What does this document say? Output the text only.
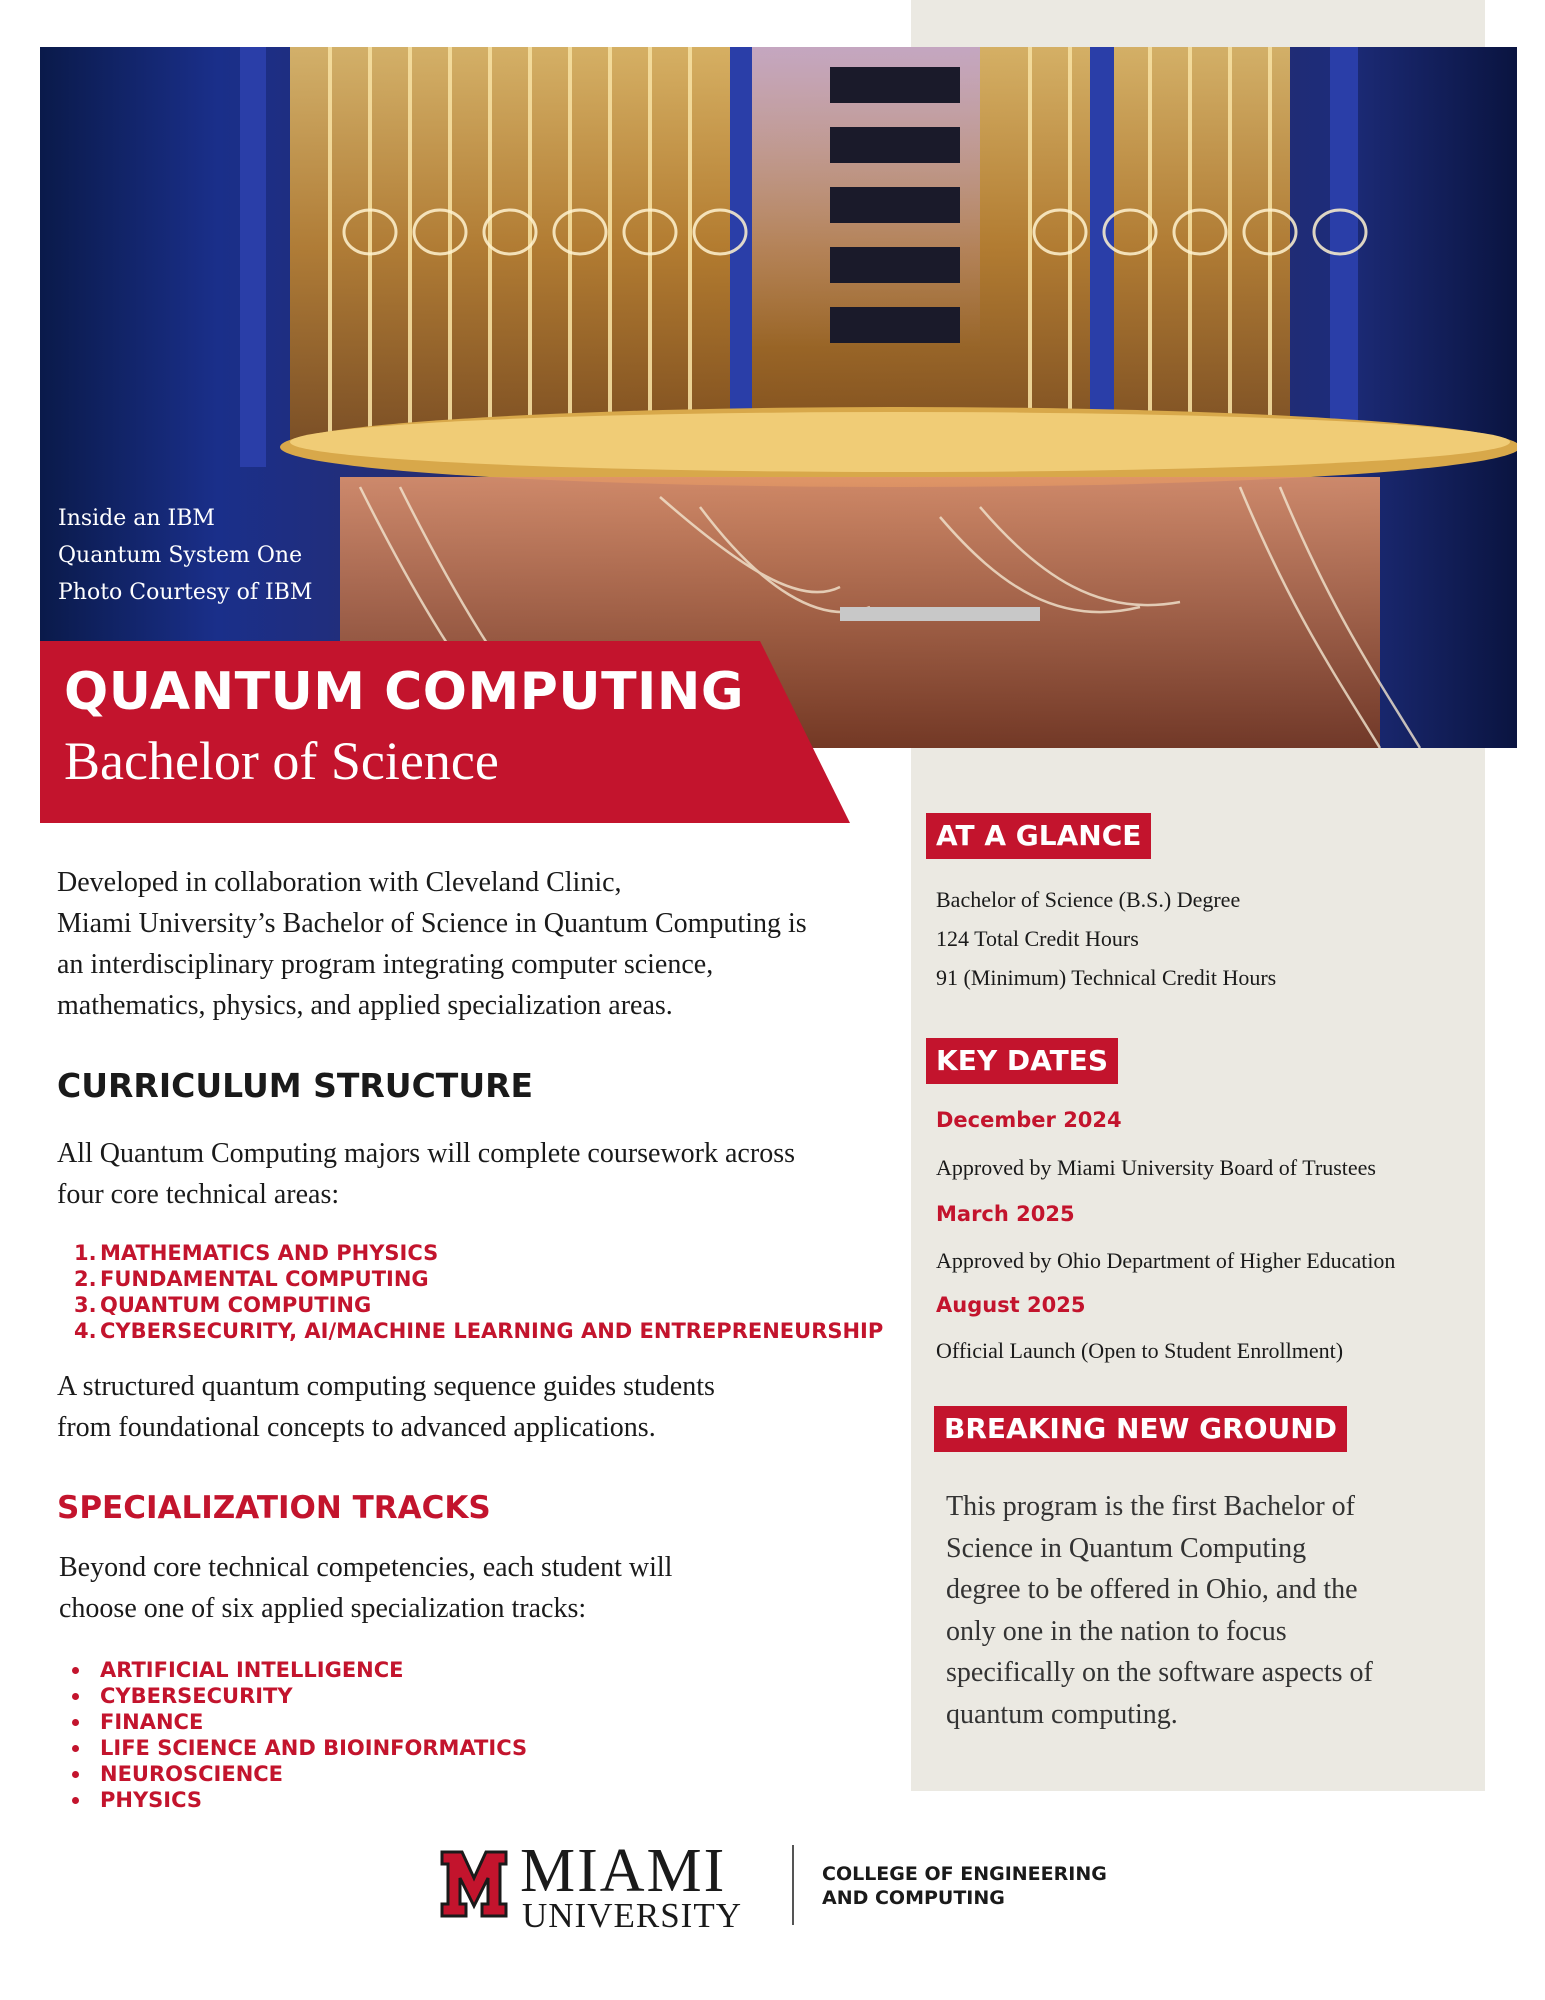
Inside an IBM
Quantum System One
Photo Courtesy of IBM
QUANTUM COMPUTING
Bachelor of Science
Developed in collaboration with Cleveland Clinic,
Miami University’s Bachelor of Science in Quantum Computing is
an interdisciplinary program integrating computer science,
mathematics, physics, and applied specialization areas.
CURRICULUM STRUCTURE
All Quantum Computing majors will complete coursework across
four core technical areas:
1. MATHEMATICS AND PHYSICS
2. FUNDAMENTAL COMPUTING
3. QUANTUM COMPUTING
4. CYBERSECURITY, AI/MACHINE LEARNING AND ENTREPRENEURSHIP
A structured quantum computing sequence guides students
from foundational concepts to advanced applications.
SPECIALIZATION TRACKS
Beyond core technical competencies, each student will
choose one of six applied specialization tracks:
ARTIFICIAL INTELLIGENCE
CYBERSECURITY
FINANCE
LIFE SCIENCE AND BIOINFORMATICS
NEUROSCIENCE
PHYSICS
AT A GLANCE
Bachelor of Science (B.S.) Degree
124 Total Credit Hours
91 (Minimum) Technical Credit Hours
KEY DATES
December 2024
Approved by Miami University Board of Trustees
March 2025
Approved by Ohio Department of Higher Education
August 2025
Official Launch (Open to Student Enrollment)
BREAKING NEW GROUND
This program is the first Bachelor of
Science in Quantum Computing
degree to be offered in Ohio, and the
only one in the nation to focus
specifically on the software aspects of
quantum computing.
MIAMI
UNIVERSITY
COLLEGE OF ENGINEERING
AND COMPUTING
